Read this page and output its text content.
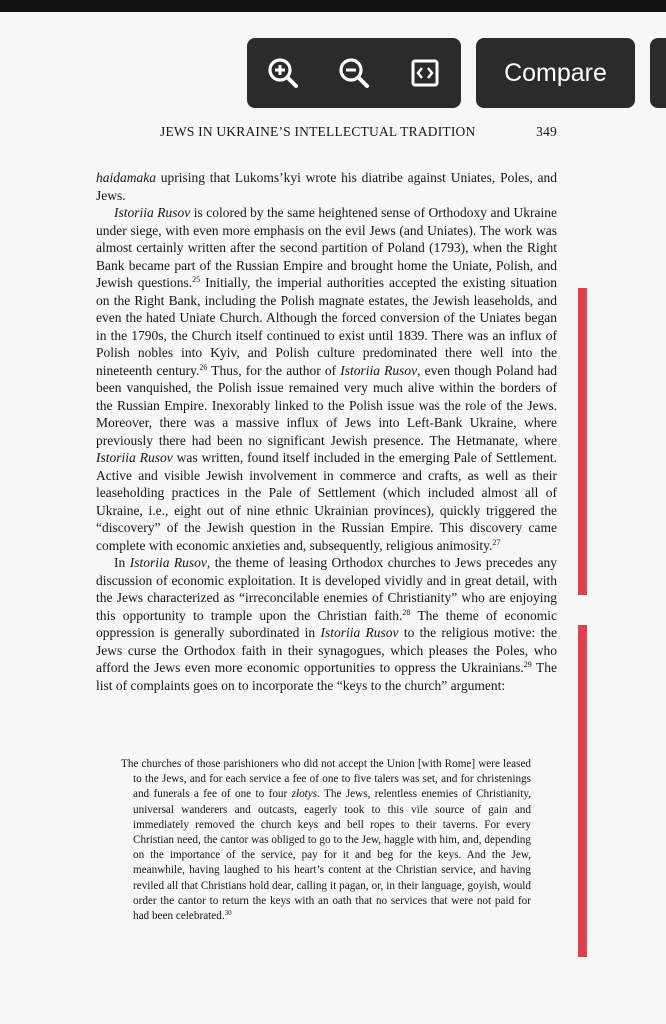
Compare
JEWS IN UKRAINE’S INTELLECTUAL TRADITION	349

haidamaka uprising that Lukoms’kyi wrote his diatribe against Uniates, Poles, and Jews.

Istoriia Rusov is colored by the same heightened sense of Orthodoxy and Ukraine under siege, with even more emphasis on the evil Jews (and Uniates). The work was almost certainly written after the second partition of Poland (1793), when the Right Bank became part of the Russian Empire and brought home the Uniate, Polish, and Jewish questions.$^{25}$ Initially, the imperial authorities accepted the existing situation on the Right Bank, including the Polish magnate estates, the Jewish leaseholds, and even the hated Uniate Church. Although the forced conversion of the Uniates began in the 1790s, the Church itself continued to exist until 1839. There was an influx of Polish nobles into Kyiv, and Polish culture predominated there well into the nineteenth century.$^{26}$ Thus, for the author of Istoriia Rusov, even though Poland had been vanquished, the Polish issue remained very much alive within the borders of the Russian Empire. Inexorably linked to the Polish issue was the role of the Jews. Moreover, there was a massive influx of Jews into Left-Bank Ukraine, where previously there had been no significant Jewish presence. The Hetmanate, where Istoriia Rusov was written, found itself included in the emerging Pale of Settlement. Active and visible Jewish involvement in commerce and crafts, as well as their leaseholding practices in the Pale of Settlement (which included almost all of Ukraine, i.e., eight out of nine ethnic Ukrainian provinces), quickly triggered the “discovery” of the Jewish question in the Russian Empire. This discovery came complete with economic anxieties and, subsequently, religious animosity.$^{27}$

In Istoriia Rusov, the theme of leasing Orthodox churches to Jews precedes any discussion of economic exploitation. It is developed vividly and in great detail, with the Jews characterized as “irreconcilable enemies of Christianity” who are enjoying this opportunity to trample upon the Christian faith.$^{28}$ The theme of economic oppression is generally subordinated in Istoriia Rusov to the religious motive: the Jews curse the Orthodox faith in their synagogues, which pleases the Poles, who afford the Jews even more economic opportunities to oppress the Ukrainians.$^{29}$ The list of complaints goes on to incorporate the “keys to the church” argument:

The churches of those parishioners who did not accept the Union [with Rome] were leased to the Jews, and for each service a fee of one to five talers was set, and for christenings and funerals a fee of one to four złotys. The Jews, relentless enemies of Christianity, universal wanderers and outcasts, eagerly took to this vile source of gain and immediately removed the church keys and bell ropes to their taverns. For every Christian need, the cantor was obliged to go to the Jew, haggle with him, and, depending on the importance of the service, pay for it and beg for the keys. And the Jew, meanwhile, having laughed to his heart’s content at the Christian service, and having reviled all that Christians hold dear, calling it pagan, or, in their language, goyish, would order the cantor to return the keys with an oath that no services that were not paid for had been celebrated.$^{30}$
